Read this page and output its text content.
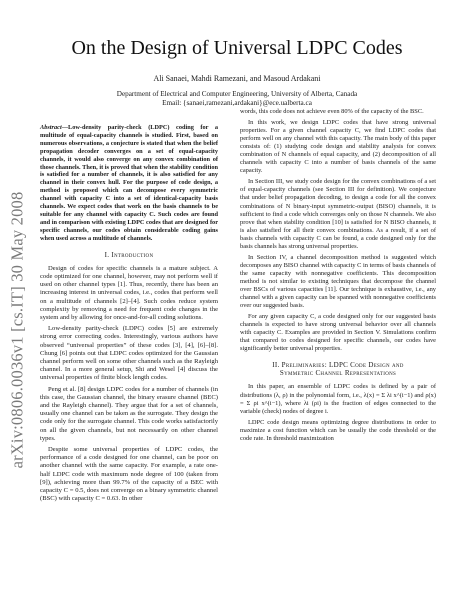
arXiv:0806.0036v1 [cs.IT] 30 May 2008
On the Design of Universal LDPC Codes
Ali Sanaei, Mahdi Ramezani, and Masoud Ardakani
Department of Electrical and Computer Engineering, University of Alberta, Canada
Email: {sanaei,ramezani,ardakani}@ece.ualberta.ca
Abstract—Low-density parity-check (LDPC) coding for a multitude of equal-capacity channels is studied. First, based on numerous observations, a conjecture is stated that when the belief propagation decoder converges on a set of equal-capacity channels, it would also converge on any convex combination of those channels. Then, it is proved that when the stability condition is satisfied for a number of channels, it is also satisfied for any channel in their convex hull. For the purpose of code design, a method is proposed which can decompose every symmetric channel with capacity C into a set of identical-capacity basis channels. We expect codes that work on the basis channels to be suitable for any channel with capacity C. Such codes are found and in comparison with existing LDPC codes that are designed for specific channels, our codes obtain considerable coding gains when used across a multitude of channels.
I. Introduction

Design of codes for specific channels is a mature subject. A code optimized for one channel, however, may not perform well if used on other channel types [1]. Thus, recently, there has been an increasing interest in universal codes, i.e., codes that perform well on a multitude of channels [2]–[4]. Such codes reduce system complexity by removing a need for frequent code changes in the system and by allowing for once-and-for-all coding solutions.

Low-density parity-check (LDPC) codes [5] are extremely strong error correcting codes. Interestingly, various authors have observed “universal properties” of these codes [3], [4], [6]–[8]. Chung [6] points out that LDPC codes optimized for the Gaussian channel perform well on some other channels such as the Rayleigh channel. In a more general setup, Shi and Wesel [4] discuss the universal properties of finite block length codes.

Peng et al. [8] design LDPC codes for a number of channels (in this case, the Gaussian channel, the binary erasure channel (BEC) and the Rayleigh channel). They argue that for a set of channels, usually one channel can be taken as the surrogate. They design the code only for the surrogate channel. This code works satisfactorily on all the given channels, but not necessarily on other channel types.

Despite some universal properties of LDPC codes, the performance of a code designed for one channel, can be poor on another channel with the same capacity. For example, a rate one-half LDPC code with maximum node degree of 100 (taken from [9]), achieving more than 99.7% of the capacity of a BEC with capacity C = 0.5, does not converge on a binary symmetric channel (BSC) with capacity C = 0.63. In other

words, this code does not achieve even 80% of the capacity of the BSC.

In this work, we design LDPC codes that have strong universal properties. For a given channel capacity C, we find LDPC codes that perform well on any channel with this capacity. The main body of this paper consists of: (1) studying code design and stability analysis for convex combination of N channels of equal capacity, and (2) decomposition of all channels with capacity C into a number of basis channels of the same capacity.

In Section III, we study code design for the convex combinations of a set of equal-capacity channels (see Section III for definition). We conjecture that under belief propagation decoding, to design a code for all the convex combinations of N binary-input symmetric-output (BISO) channels, it is sufficient to find a code which converges only on those N channels. We also prove that when stability condition [10] is satisfied for N BISO channels, it is also satisfied for all their convex combinations. As a result, if a set of basis channels with capacity C can be found, a code designed only for the basis channels has strong universal properties.

In Section IV, a channel decomposition method is suggested which decomposes any BISO channel with capacity C in terms of basis channels of the same capacity with nonnegative coefficients. This decomposition method is not similar to existing techniques that decompose the channel over BSCs of various capacities [11]. Our technique is exhaustive, i.e., any channel with a given capacity can be spanned with nonnegative coefficients over our suggested basis.

For any given capacity C, a code designed only for our suggested basis channels is expected to have strong universal behavior over all channels with capacity C. Examples are provided in Section V. Simulations confirm that compared to codes designed for specific channels, our codes have significantly better universal properties.

II. Preliminaries: LDPC Code Design and
Symmetric Channel Representations

In this paper, an ensemble of LDPC codes is defined by a pair of distributions (λ, ρ) in the polynomial form, i.e., λ(x) = Σ λi x^(i−1) and ρ(x) = Σ ρi x^(i−1), where λi (ρi) is the fraction of edges connected to the variable (check) nodes of degree i.

LDPC code design means optimizing degree distributions in order to maximize a cost function which can be usually the code threshold or the code rate. In threshold maximization
